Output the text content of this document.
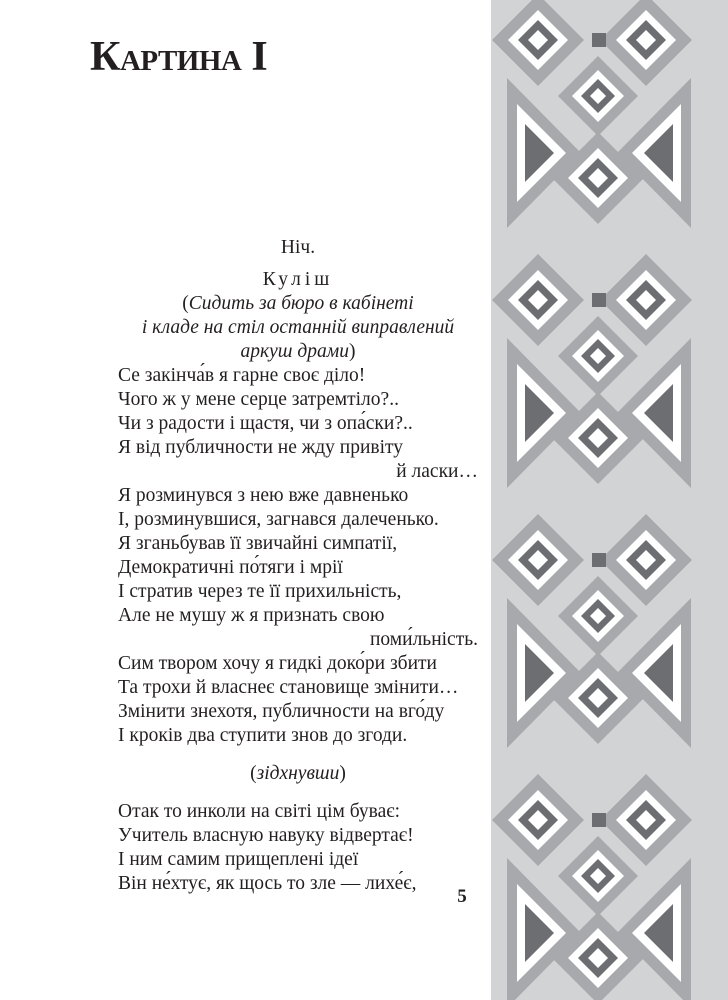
Картина I
Ніч.
Куліш
(Сидить за бюро в кабінеті
і кладе на стіл останній виправлений
аркуш драми)
Се закінча́в я гарне своє діло!
Чого ж у мене серце затремтіло?..
Чи з радости і щастя, чи з опа́ски?..
Я від публичности не жду привіту
й ласки…
Я розминувся з нею вже давненько
І, розминувшися, загнався далеченько.
Я зганьбував її звичайні симпатії,
Демократичні по́тяги і мрії
І стратив через те її прихильність,
Але не мушу ж я признать свою
поми́льність.
Сим твором хочу я гидкі доко́ри збити
Та трохи й власнеє становище змінити…
Змінити знехотя, публичности на вго́ду
І кроків два ступити знов до згоди.
(зідхнувши)
Отак то инколи на світі цім буває:
Учитель власную навуку відвертає!
І ним самим прищеплені ідеї
Він не́хтує, як щось то зле — лихе́є,
5
